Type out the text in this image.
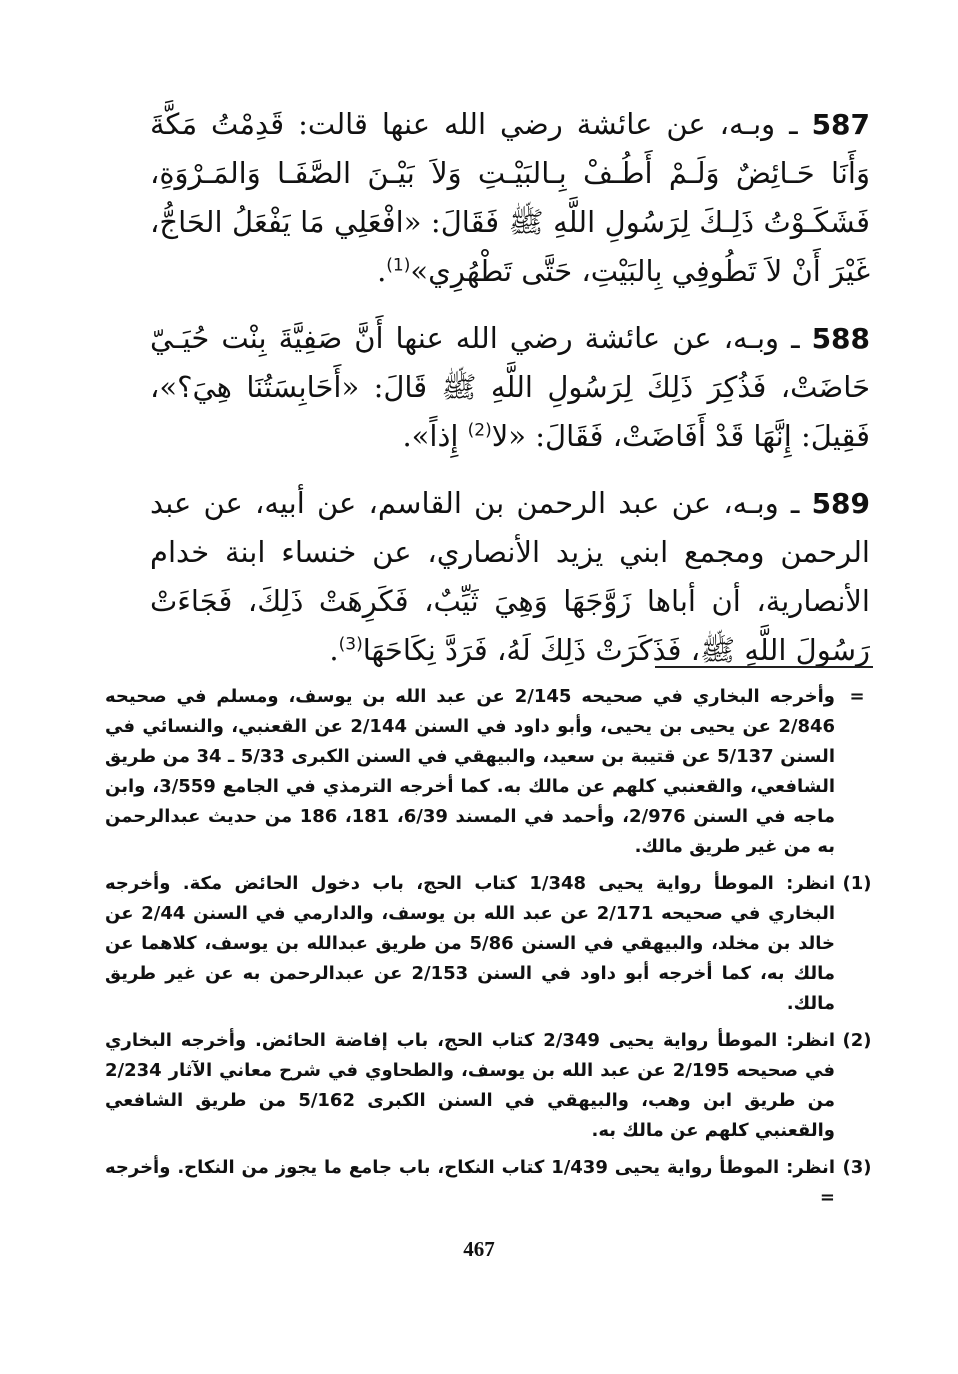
587 ـ وبـه، عن عائشة رضي الله عنها قالت: قَدِمْتُ مَكَّةَ وَأَنَا حَـائِضٌ وَلَـمْ أَطُـفْ بِـالبَيْـتِ وَلاَ بَيْـنَ الصَّفَـا وَالمَـرْوَةِ، فَشَكَـوْتُ ذَلِـكَ لِرَسُولِ اللَّهِ ﷺ فَقَالَ: «افْعَلِي مَا يَفْعَلُ الحَاجُّ، غَيْرَ أَنْ لاَ تَطُوفِي بِالبَيْتِ، حَتَّى تَطْهُرِي»$^{(1)}$.

588 ـ وبـه، عن عائشة رضي الله عنها أَنَّ صَفِيَّةَ بِنْت حُيَـيّ حَاضَتْ، فَذُكِرَ ذَلِكَ لِرَسُولِ اللَّهِ ﷺ قَالَ: «أَحَابِسَتُنَا هِيَ؟»، فَقِيلَ: إِنَّهَا قَدْ أَفَاضَتْ، فَقَالَ: «لا$^{(2)}$ إِذاً».

589 ـ وبـه، عن عبد الرحمن بن القاسم، عن أبيه، عن عبد الرحمن ومجمع ابني يزيد الأنصاري، عن خنساء ابنة خدام الأنصارية، أن أباها زَوَّجَهَا وَهِيَ ثَيِّبٌ، فَكَرِهَتْ ذَلِكَ، فَجَاءَتْ رَسُولَ اللَّهِ ﷺ، فَذَكَرَتْ ذَلِكَ لَهُ، فَرَدَّ نِكَاحَهَا$^{(3)}$.

=
وأخرجه البخاري في صحيحه 2/145 عن عبد الله بن يوسف، ومسلم في صحيحه 2/846 عن يحيى بن يحيى، وأبو داود في السنن 2/144 عن القعنبي، والنسائي في السنن 5/137 عن قتيبة بن سعيد، والبيهقي في السنن الكبرى 5/33 ـ 34 من طريق الشافعي، والقعنبي كلهم عن مالك به. كما أخرجه الترمذي في الجامع 3/559، وابن ماجه في السنن 2/976، وأحمد في المسند 6/39، 181، 186 من حديث عبدالرحمن به من غير طريق مالك.
(1)
انظر: الموطأ رواية يحيى 1/348 كتاب الحج، باب دخول الحائض مكة. وأخرجه البخاري في صحيحه 2/171 عن عبد الله بن يوسف، والدارمي في السنن 2/44 عن خالد بن مخلد، والبيهقي في السنن 5/86 من طريق عبدالله بن يوسف، كلاهما عن مالك به، كما أخرجه أبو داود في السنن 2/153 عن عبدالرحمن به عن غير طريق مالك.
(2)
انظر: الموطأ رواية يحيى 2/349 كتاب الحج، باب إفاضة الحائض. وأخرجه البخاري في صحيحه 2/195 عن عبد الله بن يوسف، والطحاوي في شرح معاني الآثار 2/234 من طريق ابن وهب، والبيهقي في السنن الكبرى 5/162 من طريق الشافعي والقعنبي كلهم عن مالك به.
(3)
انظر: الموطأ رواية يحيى 1/439 كتاب النكاح، باب جامع ما يجوز من النكاح. وأخرجه =
467
